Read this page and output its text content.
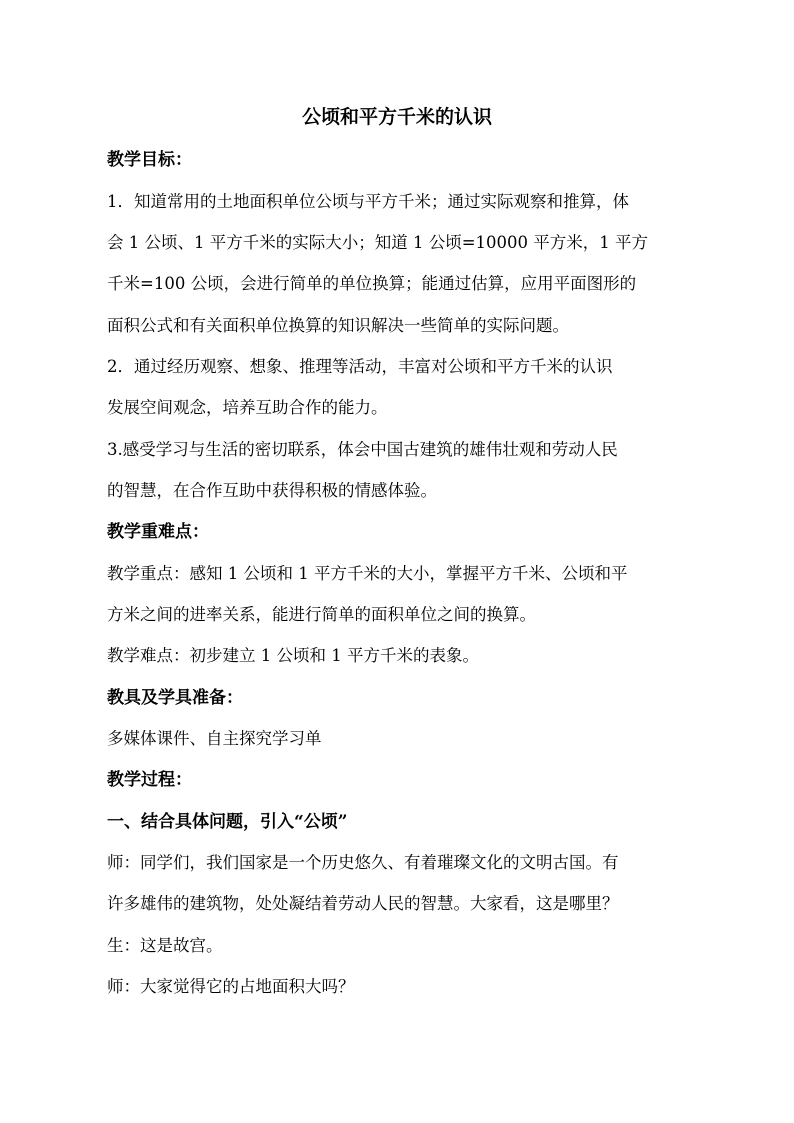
公顷和平方千米的认识
教学目标：
1．知道常用的土地面积单位公顷与平方千米；通过实际观察和推算，体
会 1 公顷、1 平方千米的实际大小；知道 1 公顷=10000 平方米，1 平方
千米=100 公顷，会进行简单的单位换算；能通过估算，应用平面图形的
面积公式和有关面积单位换算的知识解决一些简单的实际问题。
2．通过经历观察、想象、推理等活动，丰富对公顷和平方千米的认识
发展空间观念，培养互助合作的能力。
3.感受学习与生活的密切联系，体会中国古建筑的雄伟壮观和劳动人民
的智慧，在合作互助中获得积极的情感体验。
教学重难点：
教学重点：感知 1 公顷和 1 平方千米的大小，掌握平方千米、公顷和平
方米之间的进率关系，能进行简单的面积单位之间的换算。
教学难点：初步建立 1 公顷和 1 平方千米的表象。
教具及学具准备：
多媒体课件、自主探究学习单
教学过程：
一、结合具体问题，引入“公顷”
师：同学们，我们国家是一个历史悠久、有着璀璨文化的文明古国。有
许多雄伟的建筑物，处处凝结着劳动人民的智慧。大家看，这是哪里？
生：这是故宫。
师：大家觉得它的占地面积大吗？
